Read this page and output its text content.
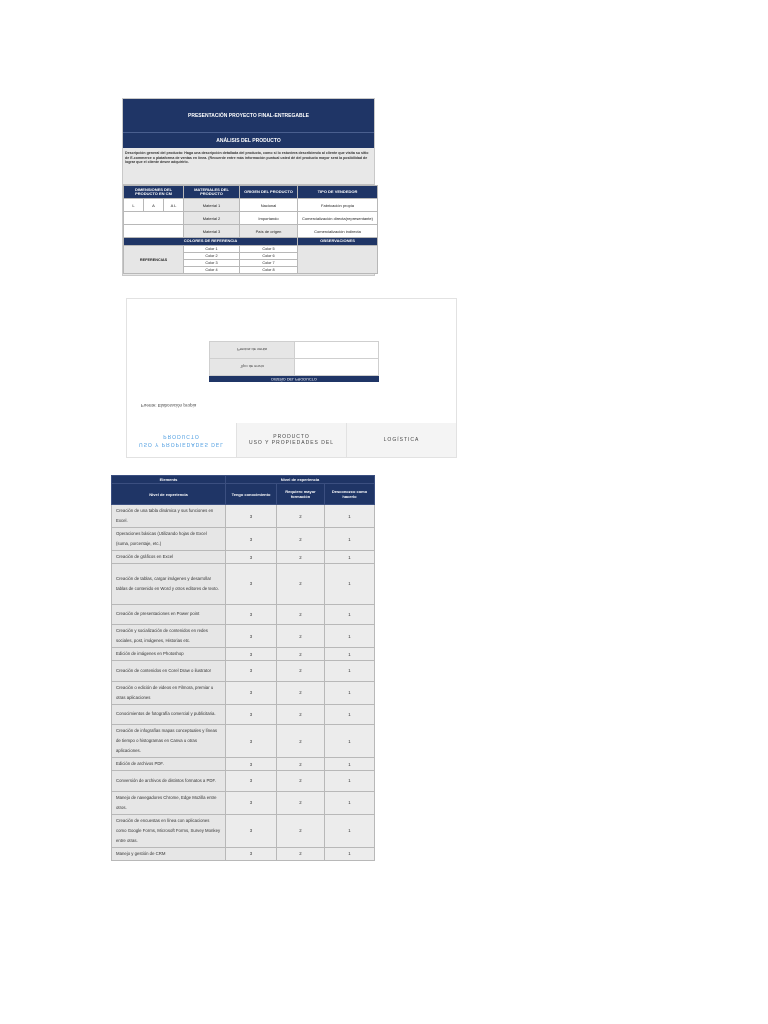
PRESENTACIÓN PROYECTO FINAL-ENTREGABLE
ANÁLISIS DEL PRODUCTO
Descripción general del producto: Haga una descripción detallada del producto, como si lo estuviera describiendo al cliente que visita su sitio de E-commerce o plataforma de ventas en línea. (Recuerde entre más información puntual usted dé del producto mayor será la posibilidad de lograr que el cliente desee adquirirlo.
DIMENSIONES DEL PRODUCTO EN CM			MATERIALES DEL PRODUCTO	ORIGEN DEL PRODUCTO	TIPO DE VENDEDOR
L	A	A L	Material 1	Nacional	Fabricación propia
			Material 2	Importando	Comercialización directa(representante)
			Material 3	País de origen	Comercialización indirecta
COLORES DE REFERENCIA					OBSERVACIONES
REFERENCIAS			Color 1	Color 5	
			Color 2	Color 6	
			Color 3	Color 7	
			Color 4	Color 8	
Precios de venta
Tipo de envío
DISEÑO DEL PRODUCTO
Fuente: Elaboración propia
PRODUCTO
USO Y PROPIEDADES DEL
PRODUCTO
USO Y PROPIEDADES DEL	LOGÍSTICA
Elements	Nivel de experiencia		
Nivel de experiencia	Tengo conocimiento	Requiero mayor formación	Desconozco como hacerlo
Creación de una tabla dinámica y sus funciones en Excel.	3	2	1
Operaciones básicas (Utilizando hojas de Excel (suma, porcentaje, etc.)	3	2	1
Creación de gráficos en Excel	3	2	1
Creación de tablas, cargar imágenes y desarrollar tablas de contenido en Word y otros editores de texto.	3	2	1
Creación de presentaciones en Power point	3	2	1
Creación y socialización de contenidos en redes sociales, post, imágenes, Historias etc.	3	2	1
Edición de imágenes en Photoshop	3	2	1
Creación de contenidos en Corel Draw o ilustrator	3	2	1
Creación o edición de videos en Filmora, premiar u otras aplicaciones	3	2	1
Conocimientos de fotografía comercial y publicitaria.	3	2	1
Creación de infografías mapas conceptuales y líneas de tiempo o histogramas en Canva u otras aplicaciones.	3	2	1
Edición de archivos PDF.	3	2	1
Conversión de archivos de distintos formatos a PDF.	3	2	1
Manejo de navegadores Chrome, Edge Mozilla entre otros.	3	2	1
Creación de encuestas en línea con aplicaciones como Google Forms, Microsoft Forms, Survey Monkey entre otras.	3	2	1
Manejo y gestión de CRM	3	2	1
